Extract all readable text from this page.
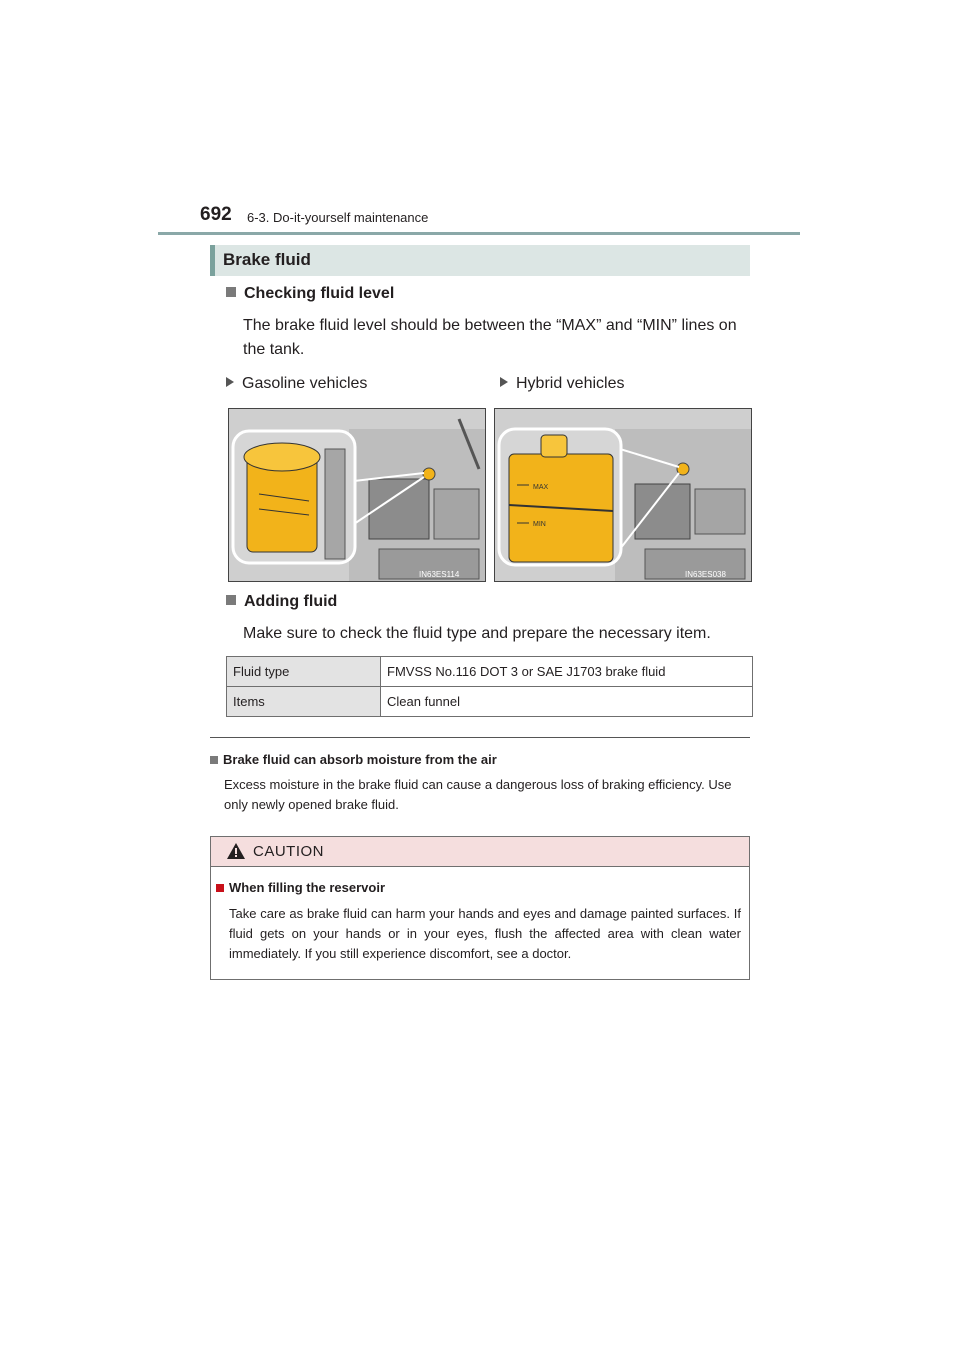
692 6-3. Do-it-yourself maintenance
Brake fluid
Checking fluid level
The brake fluid level should be between the “MAX” and “MIN” lines on the tank.
Gasoline vehicles	Hybrid vehicles
IN63ES114
MAX
MIN
IN63ES038
Adding fluid
Make sure to check the fluid type and prepare the necessary item.
Fluid type	FMVSS No.116 DOT 3 or SAE J1703 brake fluid
Items	Clean funnel
Brake fluid can absorb moisture from the air
Excess moisture in the brake fluid can cause a dangerous loss of braking efficiency. Use only newly opened brake fluid.
CAUTION
When filling the reservoir
Take care as brake fluid can harm your hands and eyes and damage painted surfaces. If fluid gets on your hands or in your eyes, flush the affected area with clean water immediately. If you still experience discomfort, see a doctor.
